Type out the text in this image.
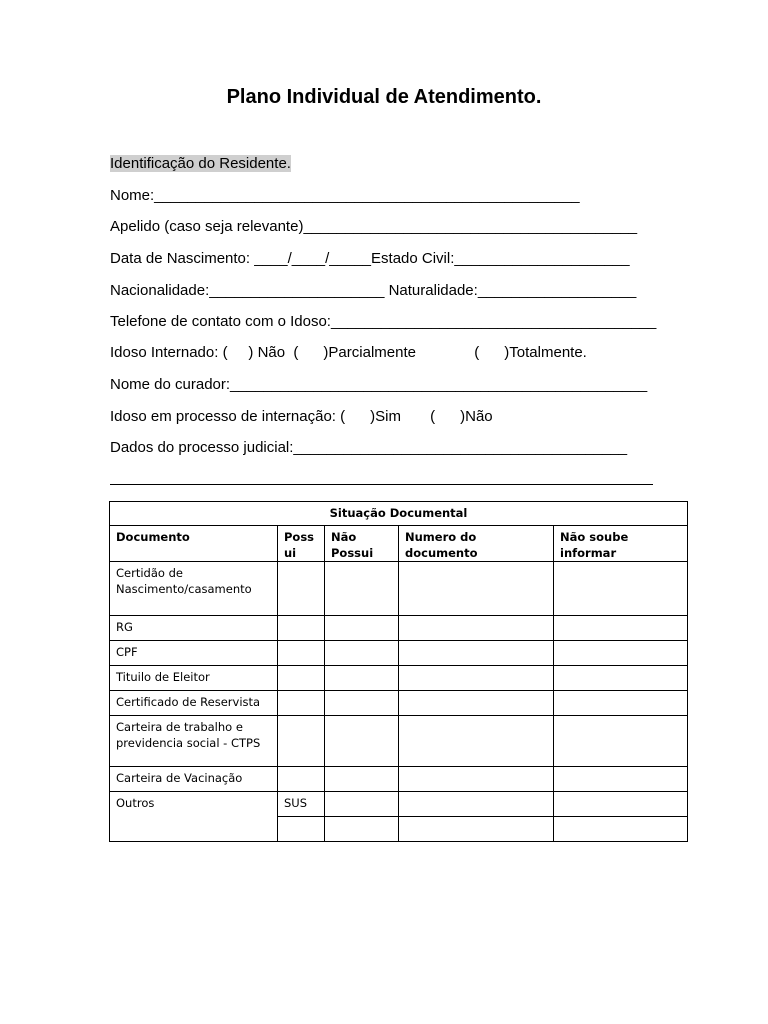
Plano Individual de Atendimento.
Identificação do Residente.
Nome:___________________________________________________
Apelido (caso seja relevante)________________________________________
Data de Nascimento: ____/____/_____Estado Civil:_____________________
Nacionalidade:_____________________ Naturalidade:___________________
Telefone de contato com o Idoso:_______________________________________
Idoso Internado: (     ) Não  (      )Parcialmente              (      )Totalmente.
Nome do curador:__________________________________________________
Idoso em processo de internação: (      )Sim       (      )Não
Dados do processo judicial:________________________________________
Situação Documental				
Documento	Poss ui	Não Possui	Numero do documento	Não soube informar
Certidão de Nascimento/casamento				
RG				
CPF				
Tituilo de Eleitor				
Certificado de Reservista				
Carteira de trabalho e previdencia social - CTPS				
Carteira de Vacinação				
Outros	SUS			
